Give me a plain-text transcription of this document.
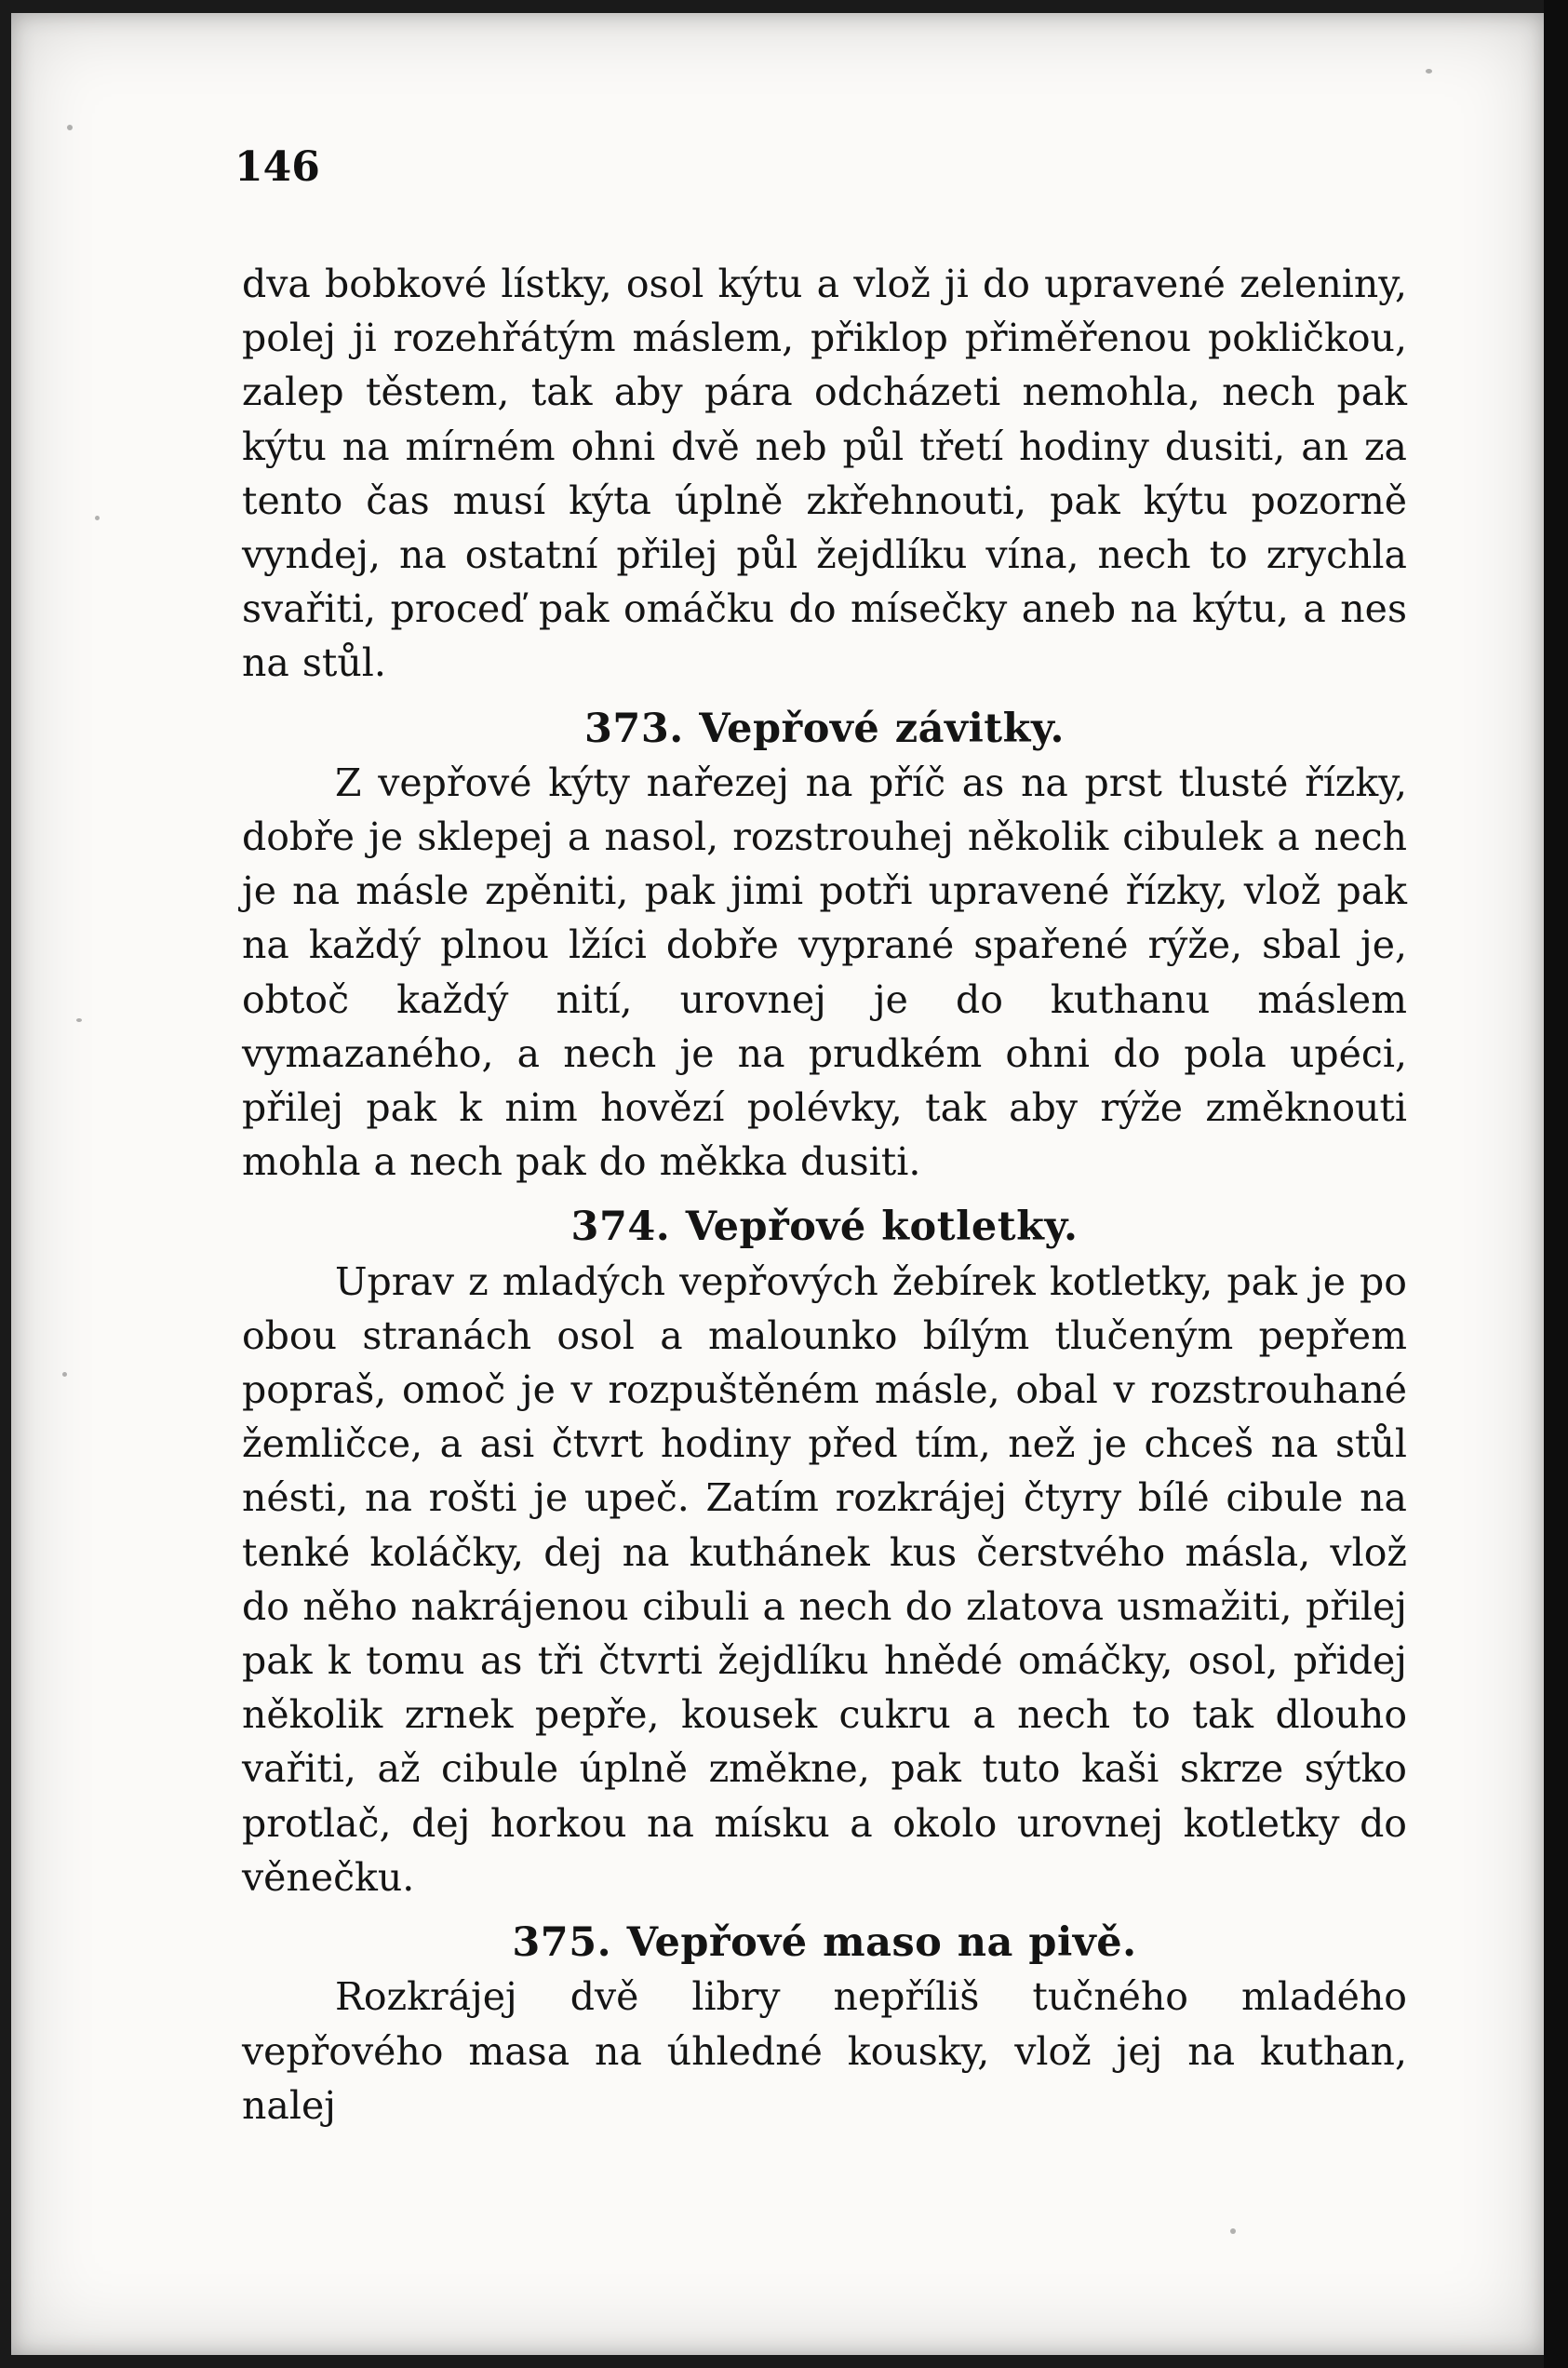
146

dva bobkové lístky, osol kýtu a vlož ji do upravené zeleniny, polej ji rozehřátým máslem, přiklop přiměřenou pokličkou, zalep těstem, tak aby pára odcházeti nemohla, nech pak kýtu na mírném ohni dvě neb půl třetí hodiny dusiti, an za tento čas musí kýta úplně zkřehnouti, pak kýtu pozorně vyndej, na ostatní přilej půl žejdlíku vína, nech to zrychla svařiti, proceď pak omáčku do mísečky aneb na kýtu, a nes na stůl.

373. Vepřové závitky.

Z vepřové kýty nařezej na příč as na prst tlusté řízky, dobře je sklepej a nasol, rozstrouhej několik cibulek a nech je na másle zpěniti, pak jimi potři upravené řízky, vlož pak na každý plnou lžíci dobře vyprané spařené rýže, sbal je, obtoč každý nití, urovnej je do kuthanu máslem vymazaného, a nech je na prudkém ohni do pola upéci, přilej pak k nim hovězí polévky, tak aby rýže změknouti mohla a nech pak do měkka dusiti.

374. Vepřové kotletky.

Uprav z mladých vepřových žebírek kotletky, pak je po obou stranách osol a malounko bílým tlučeným pepřem popraš, omoč je v rozpuštěném másle, obal v rozstrouhané žemličce, a asi čtvrt hodiny před tím, než je chceš na stůl nésti, na rošti je upeč. Zatím rozkrájej čtyry bílé cibule na tenké koláčky, dej na kuthánek kus čerstvého másla, vlož do něho nakrájenou cibuli a nech do zlatova usmažiti, přilej pak k tomu as tři čtvrti žejdlíku hnědé omáčky, osol, přidej několik zrnek pepře, kousek cukru a nech to tak dlouho vařiti, až cibule úplně změkne, pak tuto kaši skrze sýtko protlač, dej horkou na mísku a okolo urovnej kotletky do věnečku.

375. Vepřové maso na pivě.

Rozkrájej dvě libry nepříliš tučného mladého vepřového masa na úhledné kousky, vlož jej na kuthan, nalej
